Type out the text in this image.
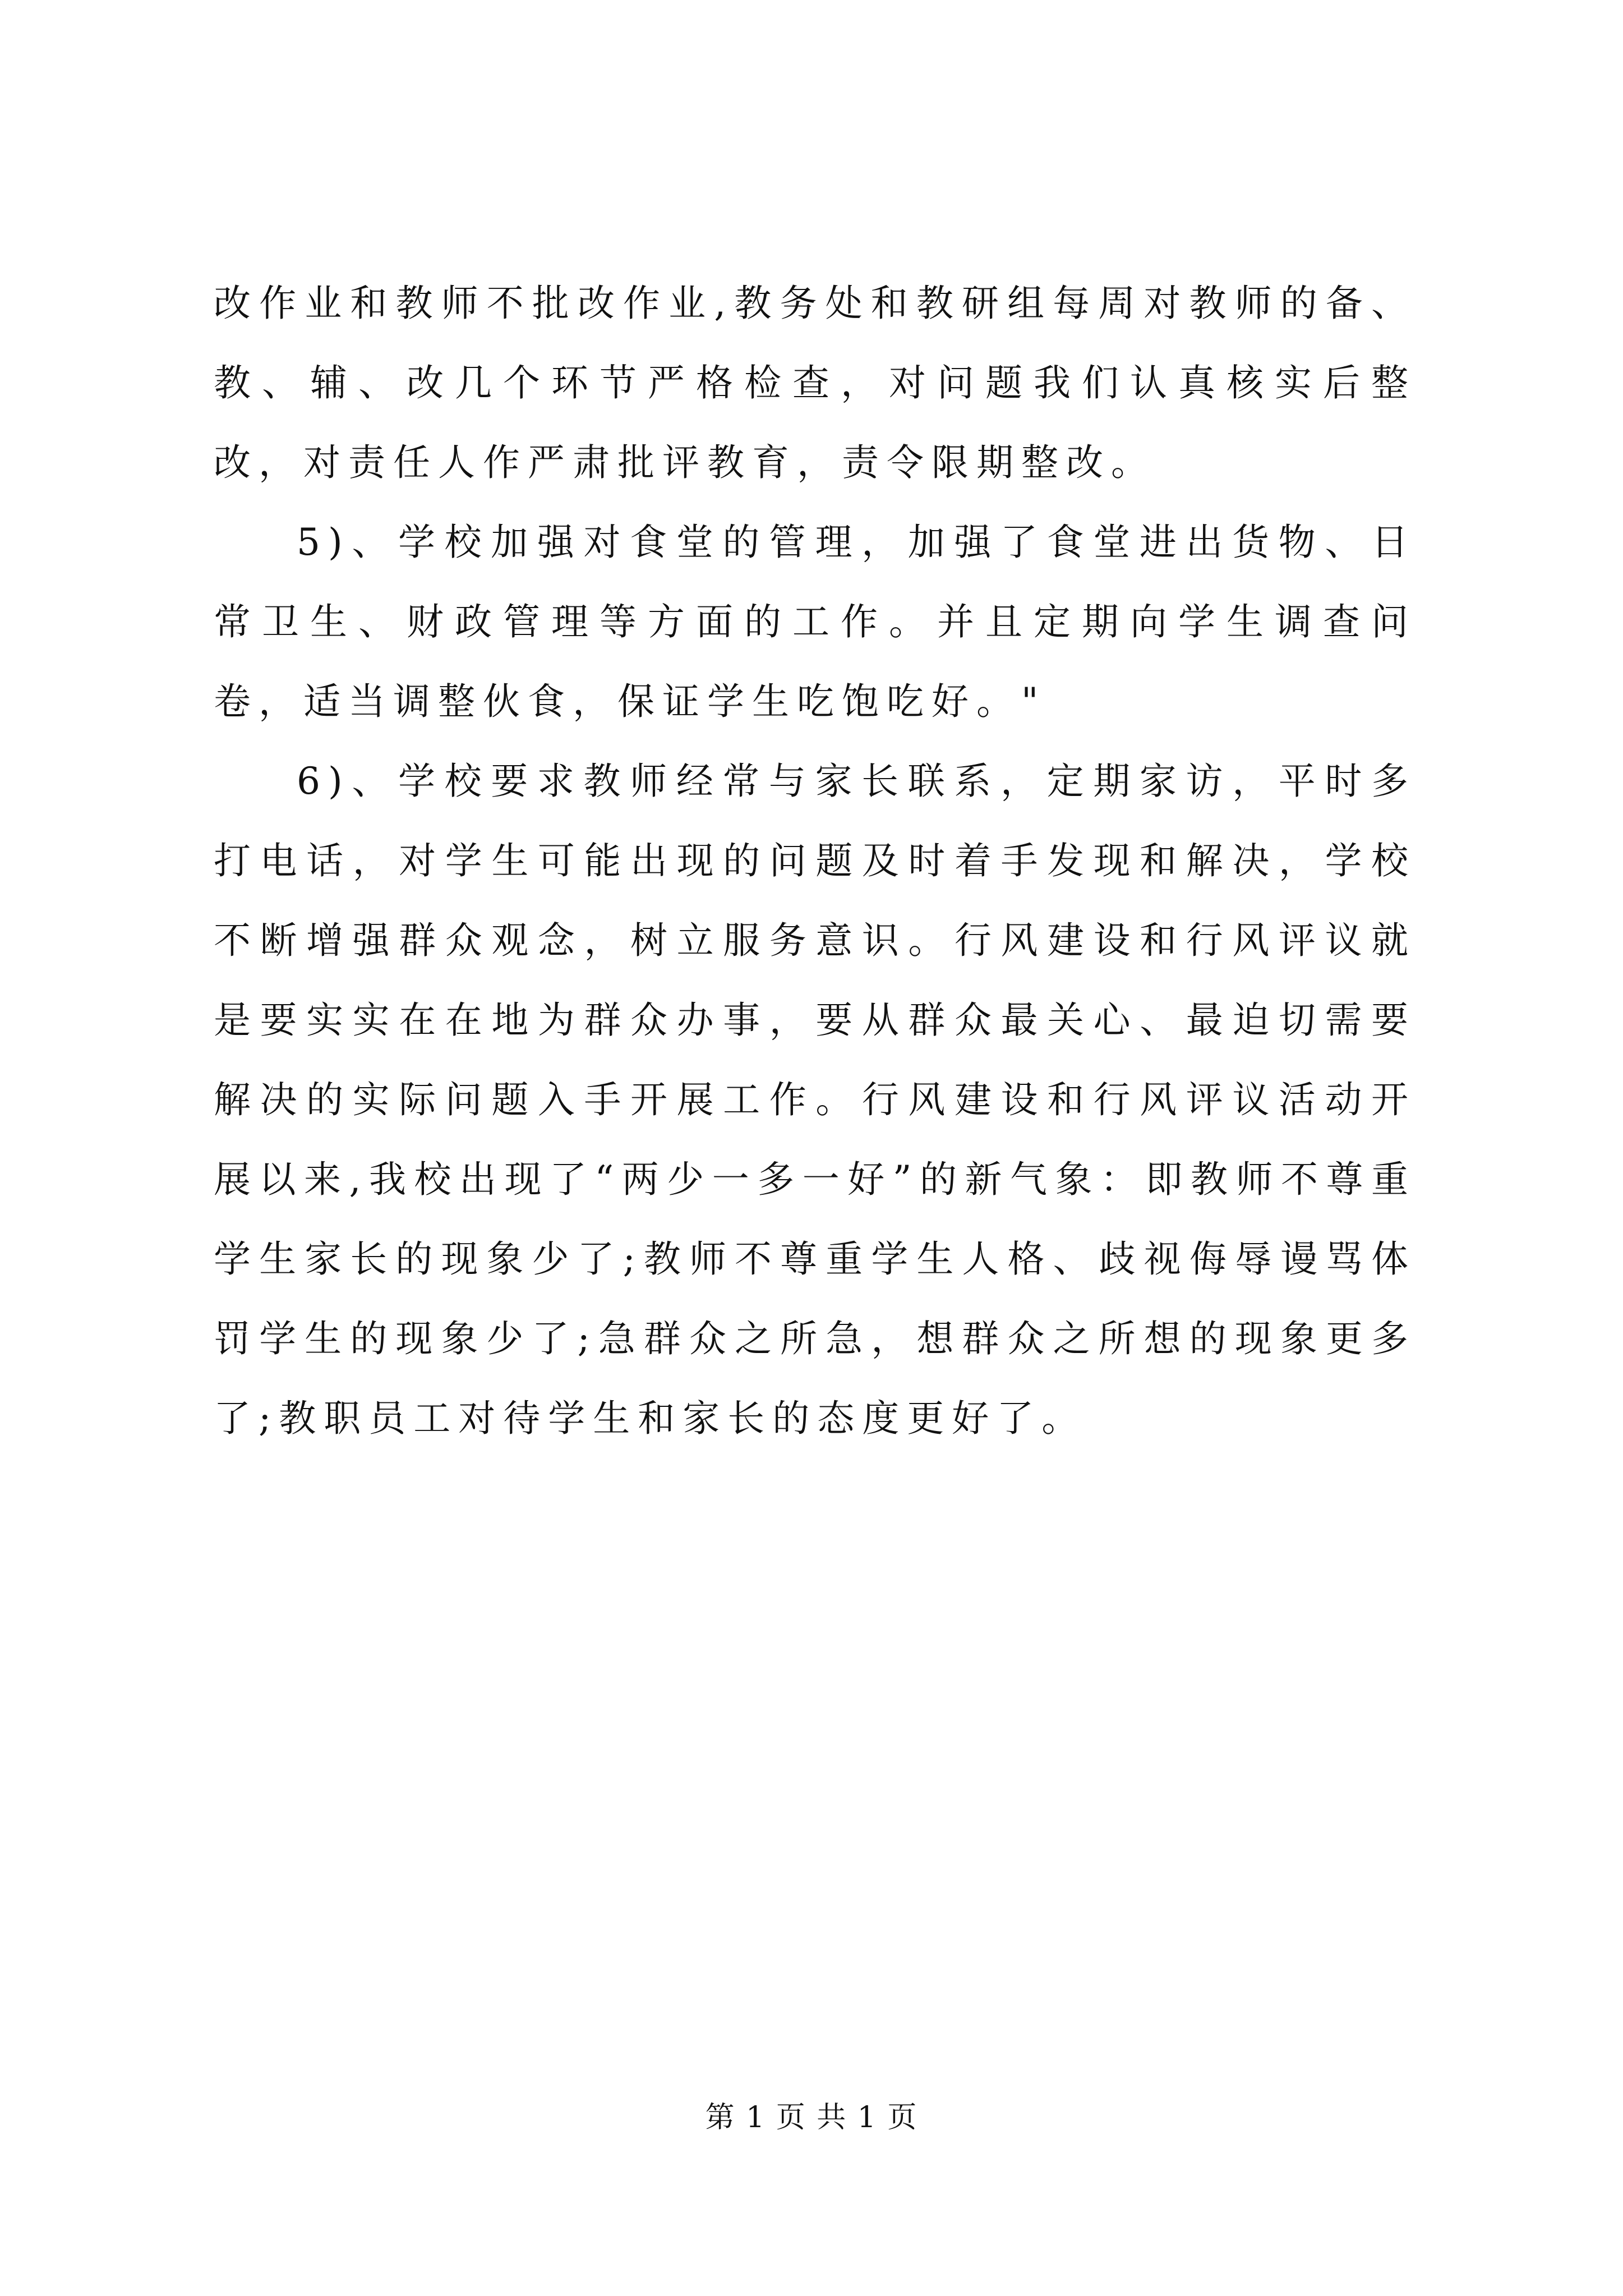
改作业和教师不批改作业,教务处和教研组每周对教师的备、教、辅、改几个环节严格检查，对问题我们认真核实后整改，对责任人作严肃批评教育，责令限期整改。

5)、学校加强对食堂的管理，加强了食堂进出货物、日常卫生、财政管理等方面的工作。并且定期向学生调查问卷，适当调整伙食，保证学生吃饱吃好。"

6)、学校要求教师经常与家长联系，定期家访，平时多打电话，对学生可能出现的问题及时着手发现和解决，学校不断增强群众观念，树立服务意识。行风建设和行风评议就是要实实在在地为群众办事，要从群众最关心、最迫切需要解决的实际问题入手开展工作。行风建设和行风评议活动开展以来,我校出现了“两少一多一好”的新气象：即教师不尊重学生家长的现象少了;教师不尊重学生人格、歧视侮辱谩骂体罚学生的现象少了;急群众之所急，想群众之所想的现象更多了;教职员工对待学生和家长的态度更好了。

第 1 页 共 1 页
